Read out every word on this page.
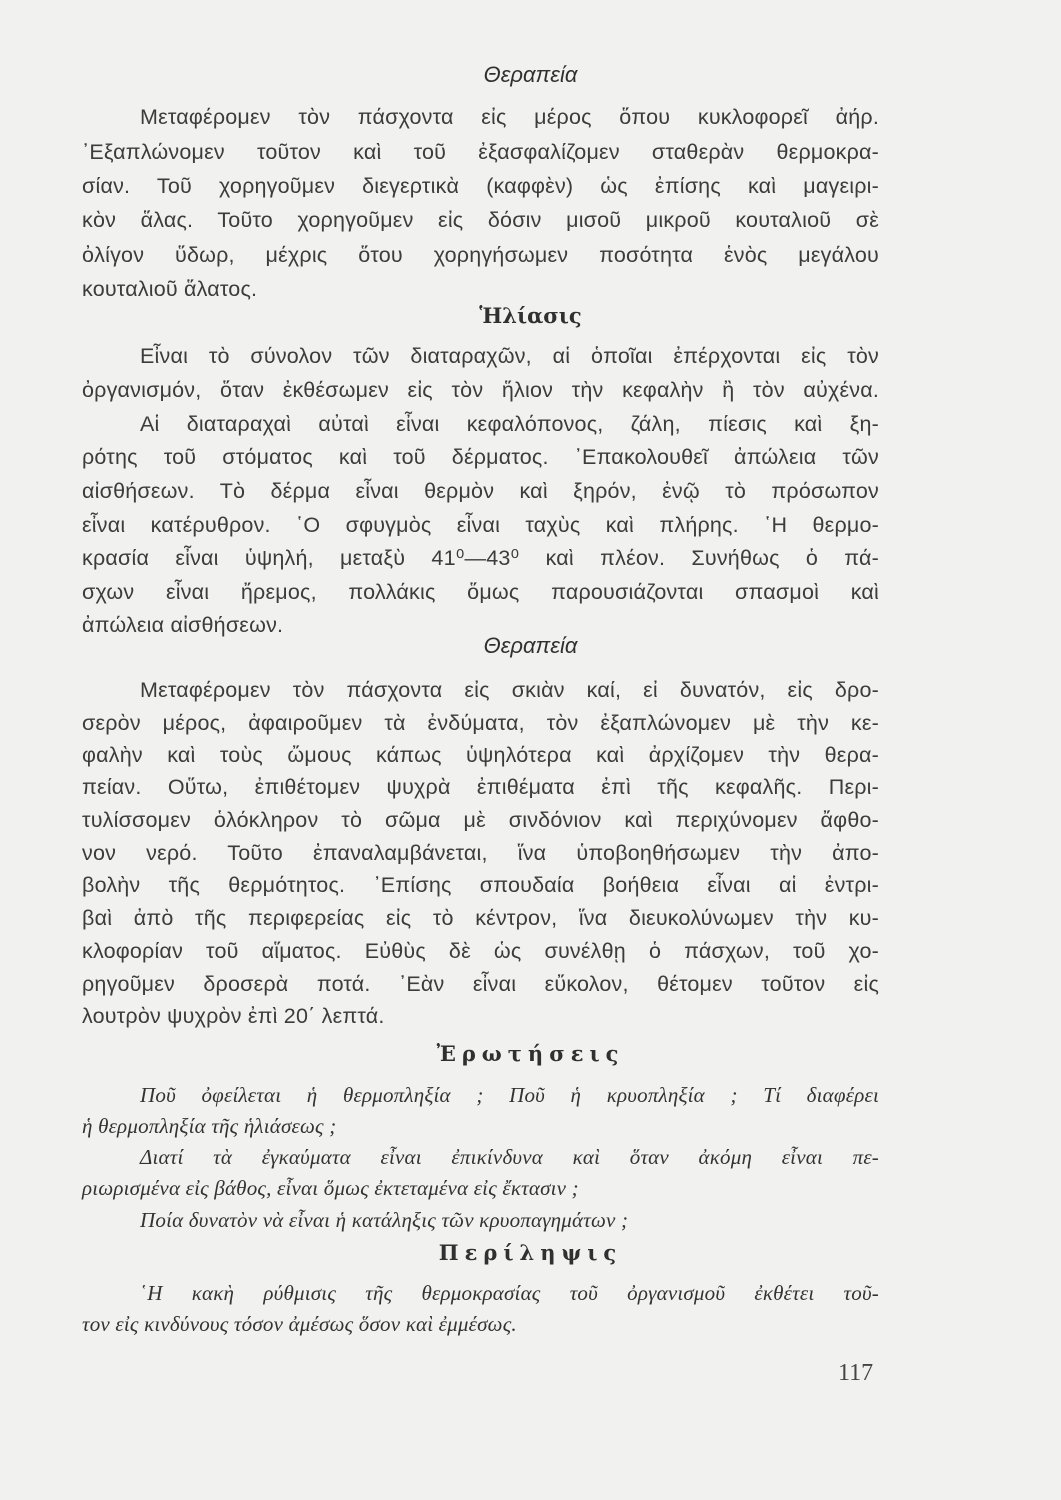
Θεραπεία
Μεταφέρομεν τὸν πάσχοντα εἰς μέρος ὅπου κυκλοφορεῖ ἀήρ.
᾿Εξαπλώνομεν τοῦτον καὶ τοῦ ἐξασφαλίζομεν σταθερὰν θερμοκρα-
σίαν. Τοῦ χορηγοῦμεν διεγερτικὰ (καφφὲν) ὡς ἐπίσης καὶ μαγειρι-
κὸν ἅλας. Τοῦτο χορηγοῦμεν εἰς δόσιν μισοῦ μικροῦ κουταλιοῦ σὲ
ὀλίγον ὕδωρ, μέχρις ὅτου χορηγήσωμεν ποσότητα ἑνὸς μεγάλου
κουταλιοῦ ἅλατος.
Ἡλίασις
Εἶναι τὸ σύνολον τῶν διαταραχῶν, αἱ ὁποῖαι ἐπέρχονται εἰς τὸν
ὀργανισμόν, ὅταν ἐκθέσωμεν εἰς τὸν ἥλιον τὴν κεφαλὴν ἢ τὸν αὐχένα.
Αἱ διαταραχαὶ αὐταὶ εἶναι κεφαλόπονος, ζάλη, πίεσις καὶ ξη-
ρότης τοῦ στόματος καὶ τοῦ δέρματος. ᾿Επακολουθεῖ ἀπώλεια τῶν
αἰσθήσεων. Τὸ δέρμα εἶναι θερμὸν καὶ ξηρόν, ἐνῷ τὸ πρόσωπον
εἶναι κατέρυθρον. ῾Ο σφυγμὸς εἶναι ταχὺς καὶ πλήρης. ῾Η θερμο-
κρασία εἶναι ὑψηλή, μεταξὺ 41⁰—43⁰ καὶ πλέον. Συνήθως ὁ πά-
σχων εἶναι ἤρεμος, πολλάκις ὅμως παρουσιάζονται σπασμοὶ καὶ
ἀπώλεια αἰσθήσεων.
Θεραπεία
Μεταφέρομεν τὸν πάσχοντα εἰς σκιὰν καί, εἰ δυνατόν, εἰς δρο-
σερὸν μέρος, ἀφαιροῦμεν τὰ ἐνδύματα, τὸν ἐξαπλώνομεν μὲ τὴν κε-
φαλὴν καὶ τοὺς ὤμους κάπως ὑψηλότερα καὶ ἀρχίζομεν τὴν θερα-
πείαν. Οὕτω, ἐπιθέτομεν ψυχρὰ ἐπιθέματα ἐπὶ τῆς κεφαλῆς. Περι-
τυλίσσομεν ὁλόκληρον τὸ σῶμα μὲ σινδόνιον καὶ περιχύνομεν ἄφθο-
νον νερό. Τοῦτο ἐπαναλαμβάνεται, ἵνα ὑποβοηθήσωμεν τὴν ἀπο-
βολὴν τῆς θερμότητος. ᾿Επίσης σπουδαία βοήθεια εἶναι αἱ ἐντρι-
βαὶ ἀπὸ τῆς περιφερείας εἰς τὸ κέντρον, ἵνα διευκολύνωμεν τὴν κυ-
κλοφορίαν τοῦ αἵματος. Εὐθὺς δὲ ὡς συνέλθῃ ὁ πάσχων, τοῦ χο-
ρηγοῦμεν δροσερὰ ποτά. ᾿Εὰν εἶναι εὔκολον, θέτομεν τοῦτον εἰς
λουτρὸν ψυχρὸν ἐπὶ 20΄ λεπτά.
Ἐρωτήσεις
Ποῦ ὀφείλεται ἡ θερμοπληξία ; Ποῦ ἡ κρυοπληξία ; Τί διαφέρει
ἡ θερμοπληξία τῆς ἡλιάσεως ;
Διατί τὰ ἐγκαύματα εἶναι ἐπικίνδυνα καὶ ὅταν ἀκόμη εἶναι πε-
ριωρισμένα εἰς βάθος, εἶναι ὅμως ἐκτεταμένα εἰς ἔκτασιν ;
Ποία δυνατὸν νὰ εἶναι ἡ κατάληξις τῶν κρυοπαγημάτων ;
Περίληψις
῾Η κακὴ ρύθμισις τῆς θερμοκρασίας τοῦ ὀργανισμοῦ ἐκθέτει τοῦ-
τον εἰς κινδύνους τόσον ἀμέσως ὅσον καὶ ἐμμέσως.
117
